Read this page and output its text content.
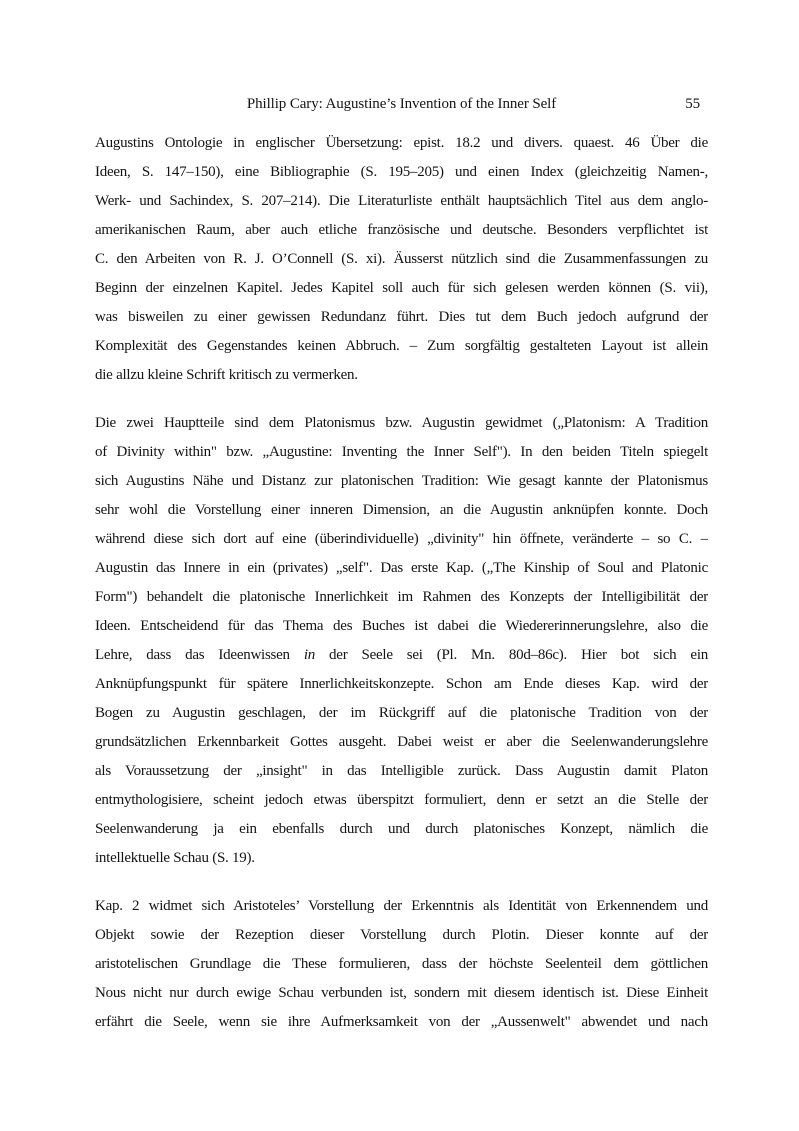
Phillip Cary: Augustine’s Invention of the Inner Self	55
Augustins Ontologie in englischer Übersetzung: epist. 18.2 und divers. quaest. 46 Über die
Ideen, S. 147–150), eine Bibliographie (S. 195–205) und einen Index (gleichzeitig Namen-,
Werk- und Sachindex, S. 207–214). Die Literaturliste enthält hauptsächlich Titel aus dem anglo-
amerikanischen Raum, aber auch etliche französische und deutsche. Besonders verpflichtet ist
C. den Arbeiten von R. J. O’Connell (S. xi). Äusserst nützlich sind die Zusammenfassungen zu
Beginn der einzelnen Kapitel. Jedes Kapitel soll auch für sich gelesen werden können (S. vii),
was bisweilen zu einer gewissen Redundanz führt. Dies tut dem Buch jedoch aufgrund der
Komplexität des Gegenstandes keinen Abbruch. – Zum sorgfältig gestalteten Layout ist allein
die allzu kleine Schrift kritisch zu vermerken.
Die zwei Hauptteile sind dem Platonismus bzw. Augustin gewidmet („Platonism: A Tradition
of Divinity within" bzw. „Augustine: Inventing the Inner Self"). In den beiden Titeln spiegelt
sich Augustins Nähe und Distanz zur platonischen Tradition: Wie gesagt kannte der Platonismus
sehr wohl die Vorstellung einer inneren Dimension, an die Augustin anknüpfen konnte. Doch
während diese sich dort auf eine (überindividuelle) „divinity" hin öffnete, veränderte – so C. –
Augustin das Innere in ein (privates) „self". Das erste Kap. („The Kinship of Soul and Platonic
Form") behandelt die platonische Innerlichkeit im Rahmen des Konzepts der Intelligibilität der
Ideen. Entscheidend für das Thema des Buches ist dabei die Wiedererinnerungslehre, also die
Lehre, dass das Ideenwissen in der Seele sei (Pl. Mn. 80d–86c). Hier bot sich ein
Anknüpfungspunkt für spätere Innerlichkeitskonzepte. Schon am Ende dieses Kap. wird der
Bogen zu Augustin geschlagen, der im Rückgriff auf die platonische Tradition von der
grundsätzlichen Erkennbarkeit Gottes ausgeht. Dabei weist er aber die Seelenwanderungslehre
als Voraussetzung der „insight" in das Intelligible zurück. Dass Augustin damit Platon
entmythologisiere, scheint jedoch etwas überspitzt formuliert, denn er setzt an die Stelle der
Seelenwanderung ja ein ebenfalls durch und durch platonisches Konzept, nämlich die
intellektuelle Schau (S. 19).
Kap. 2 widmet sich Aristoteles’ Vorstellung der Erkenntnis als Identität von Erkennendem und
Objekt sowie der Rezeption dieser Vorstellung durch Plotin. Dieser konnte auf der
aristotelischen Grundlage die These formulieren, dass der höchste Seelenteil dem göttlichen
Nous nicht nur durch ewige Schau verbunden ist, sondern mit diesem identisch ist. Diese Einheit
erfährt die Seele, wenn sie ihre Aufmerksamkeit von der „Aussenwelt" abwendet und nach
